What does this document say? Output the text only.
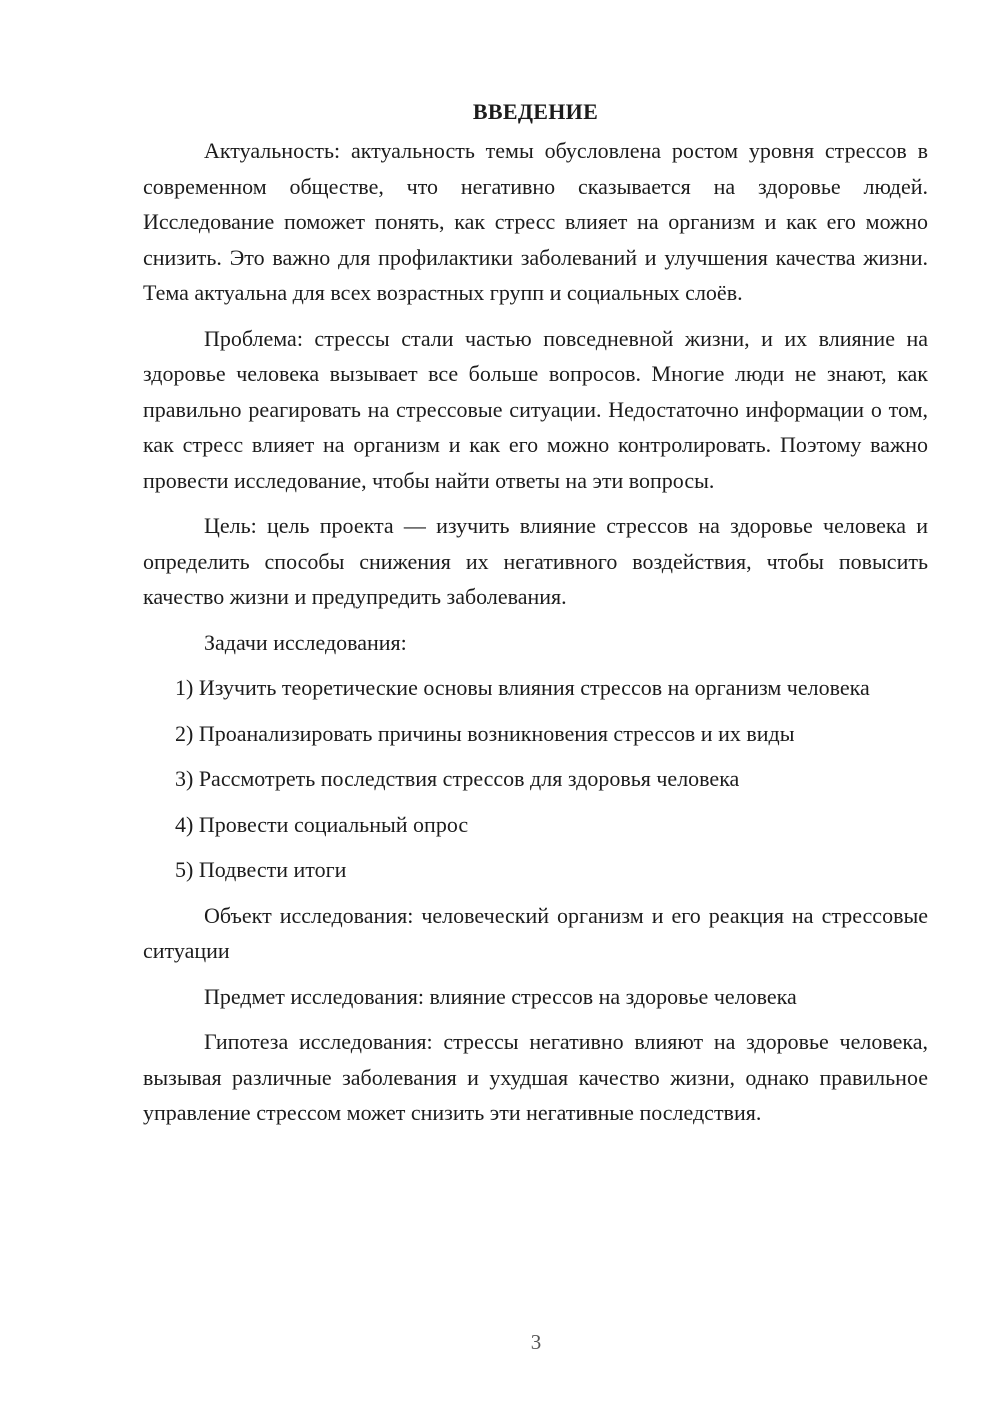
ВВЕДЕНИЕ

Актуальность: актуальность темы обусловлена ростом уровня стрессов в современном обществе, что негативно сказывается на здоровье людей. Исследование поможет понять, как стресс влияет на организм и как его можно снизить. Это важно для профилактики заболеваний и улучшения качества жизни. Тема актуальна для всех возрастных групп и социальных слоёв.

Проблема: стрессы стали частью повседневной жизни, и их влияние на здоровье человека вызывает все больше вопросов. Многие люди не знают, как правильно реагировать на стрессовые ситуации. Недостаточно информации о том, как стресс влияет на организм и как его можно контролировать. Поэтому важно провести исследование, чтобы найти ответы на эти вопросы.

Цель: цель проекта — изучить влияние стрессов на здоровье человека и определить способы снижения их негативного воздействия, чтобы повысить качество жизни и предупредить заболевания.

Задачи исследования:

1) Изучить теоретические основы влияния стрессов на организм человека

2) Проанализировать причины возникновения стрессов и их виды

3) Рассмотреть последствия стрессов для здоровья человека

4) Провести социальный опрос

5) Подвести итоги

Объект исследования: человеческий организм и его реакция на стрессовые ситуации

Предмет исследования: влияние стрессов на здоровье человека

Гипотеза исследования: стрессы негативно влияют на здоровье человека, вызывая различные заболевания и ухудшая качество жизни, однако правильное управление стрессом может снизить эти негативные последствия.

3
